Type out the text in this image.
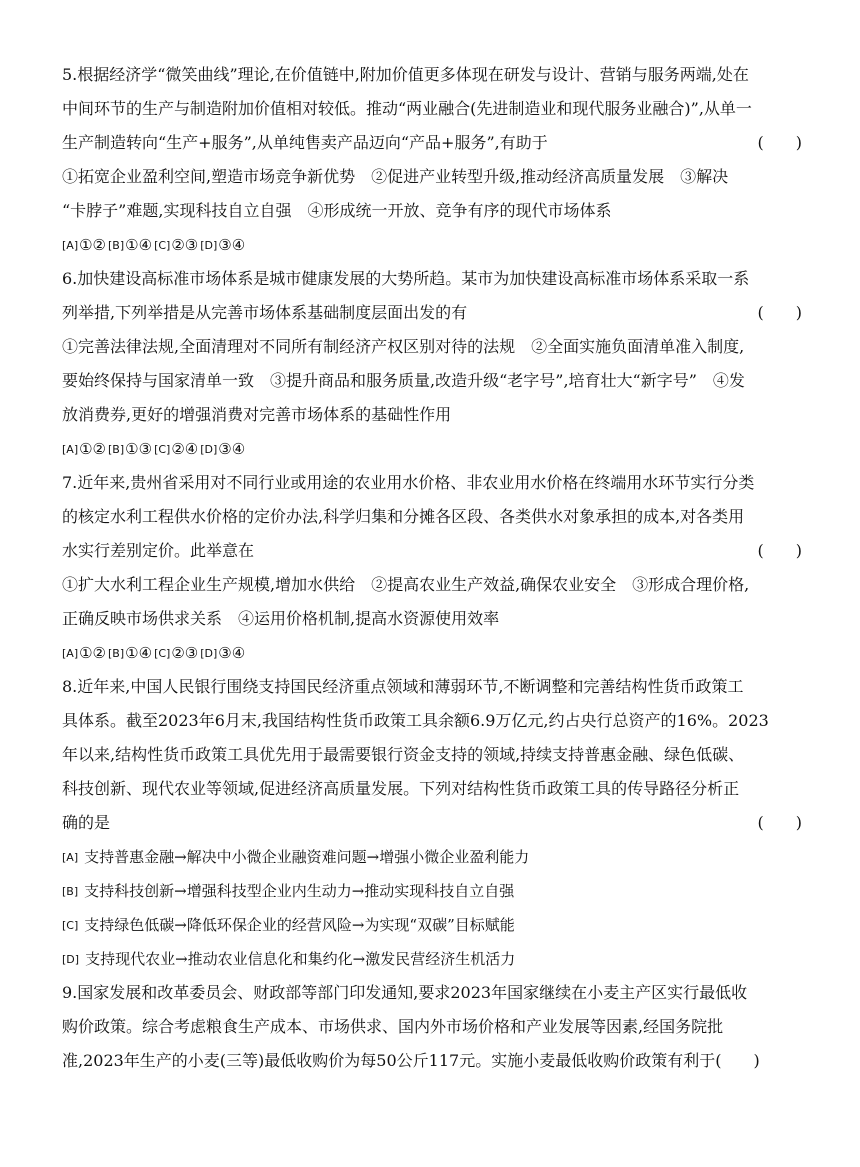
5.根据经济学“微笑曲线”理论,在价值链中,附加价值更多体现在研发与设计、营销与服务两端,处在
中间环节的生产与制造附加价值相对较低。推动“两业融合(先进制造业和现代服务业融合)”,从单一
生产制造转向“生产+服务”,从单纯售卖产品迈向“产品+服务”,有助于	(　　)
①拓宽企业盈利空间,塑造市场竞争新优势　②促进产业转型升级,推动经济高质量发展　③解决
“卡脖子”难题,实现科技自立自强　④形成统一开放、竞争有序的现代市场体系
[A]①② [B]①④ [C]②③ [D]③④
6.加快建设高标准市场体系是城市健康发展的大势所趋。某市为加快建设高标准市场体系采取一系
列举措,下列举措是从完善市场体系基础制度层面出发的有	(　　)
①完善法律法规,全面清理对不同所有制经济产权区别对待的法规　②全面实施负面清单准入制度,
要始终保持与国家清单一致　③提升商品和服务质量,改造升级“老字号”,培育壮大“新字号”　④发
放消费券,更好的增强消费对完善市场体系的基础性作用
[A]①② [B]①③ [C]②④ [D]③④
7.近年来,贵州省采用对不同行业或用途的农业用水价格、非农业用水价格在终端用水环节实行分类
的核定水利工程供水价格的定价办法,科学归集和分摊各区段、各类供水对象承担的成本,对各类用
水实行差别定价。此举意在	(　　)
①扩大水利工程企业生产规模,增加水供给　②提高农业生产效益,确保农业安全　③形成合理价格,
正确反映市场供求关系　④运用价格机制,提高水资源使用效率
[A]①② [B]①④ [C]②③ [D]③④
8.近年来,中国人民银行围绕支持国民经济重点领域和薄弱环节,不断调整和完善结构性货币政策工
具体系。截至2023年6月末,我国结构性货币政策工具余额6.9万亿元,约占央行总资产的16%。2023
年以来,结构性货币政策工具优先用于最需要银行资金支持的领域,持续支持普惠金融、绿色低碳、
科技创新、现代农业等领域,促进经济高质量发展。下列对结构性货币政策工具的传导路径分析正
确的是	(　　)
[A] 支持普惠金融→解决中小微企业融资难问题→增强小微企业盈利能力
[B] 支持科技创新→增强科技型企业内生动力→推动实现科技自立自强
[C] 支持绿色低碳→降低环保企业的经营风险→为实现“双碳”目标赋能
[D] 支持现代农业→推动农业信息化和集约化→激发民营经济生机活力
9.国家发展和改革委员会、财政部等部门印发通知,要求2023年国家继续在小麦主产区实行最低收
购价政策。综合考虑粮食生产成本、市场供求、国内外市场价格和产业发展等因素,经国务院批
准,2023年生产的小麦(三等)最低收购价为每50公斤117元。实施小麦最低收购价政策有利于(　　)
